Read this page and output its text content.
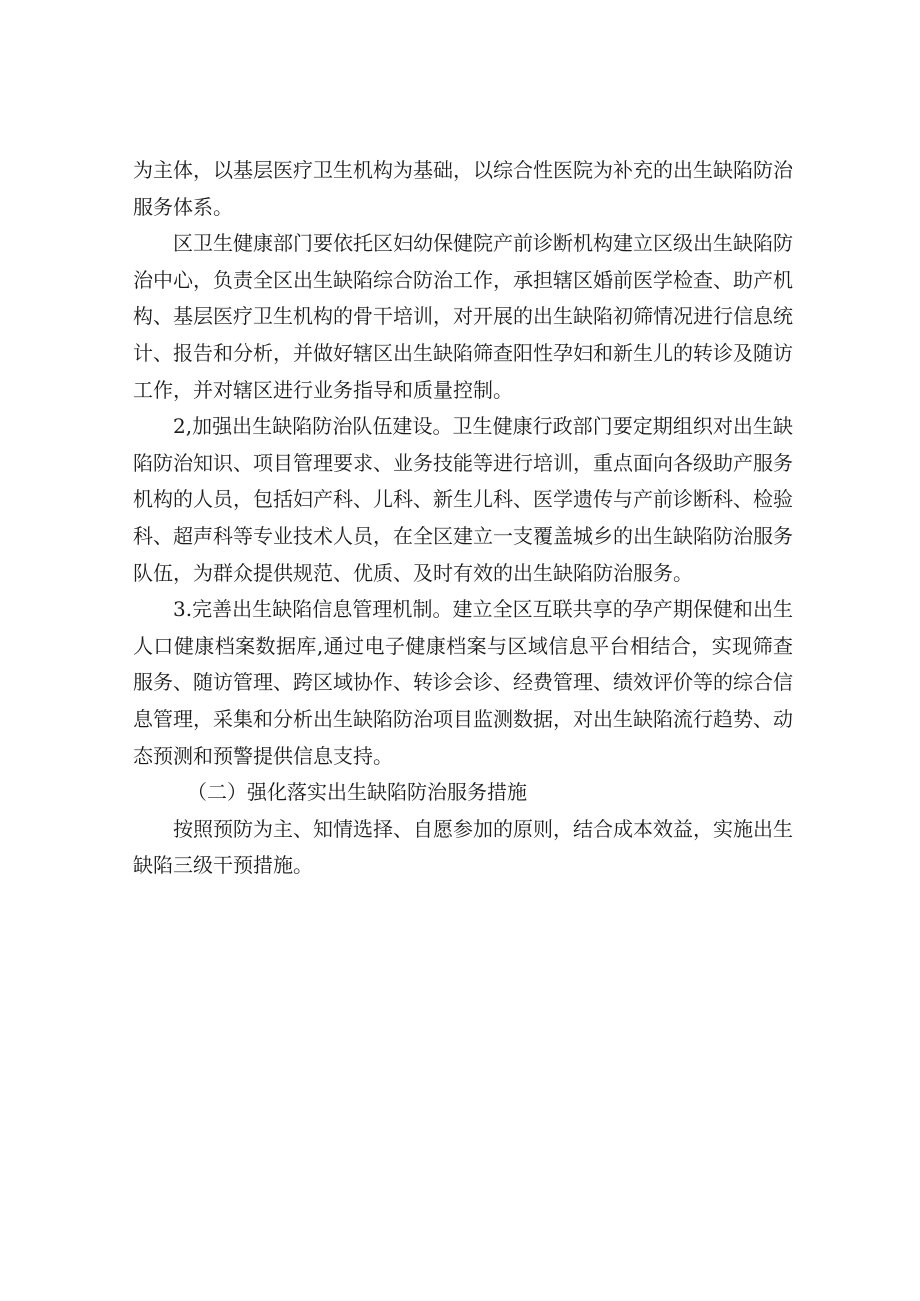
为主体，以基层医疗卫生机构为基础，以综合性医院为补充的出生缺陷防治服务体系。

区卫生健康部门要依托区妇幼保健院产前诊断机构建立区级出生缺陷防治中心，负责全区出生缺陷综合防治工作，承担辖区婚前医学检查、助产机构、基层医疗卫生机构的骨干培训，对开展的出生缺陷初筛情况进行信息统计、报告和分析，并做好辖区出生缺陷筛查阳性孕妇和新生儿的转诊及随访工作，并对辖区进行业务指导和质量控制。

2,加强出生缺陷防治队伍建设。卫生健康行政部门要定期组织对出生缺陷防治知识、项目管理要求、业务技能等进行培训，重点面向各级助产服务机构的人员，包括妇产科、儿科、新生儿科、医学遗传与产前诊断科、检验科、超声科等专业技术人员，在全区建立一支覆盖城乡的出生缺陷防治服务队伍，为群众提供规范、优质、及时有效的出生缺陷防治服务。

3.完善出生缺陷信息管理机制。建立全区互联共享的孕产期保健和出生人口健康档案数据库,通过电子健康档案与区域信息平台相结合，实现筛查服务、随访管理、跨区域协作、转诊会诊、经费管理、绩效评价等的综合信息管理，采集和分析出生缺陷防治项目监测数据，对出生缺陷流行趋势、动态预测和预警提供信息支持。

（二）强化落实出生缺陷防治服务措施

按照预防为主、知情选择、自愿参加的原则，结合成本效益，实施出生缺陷三级干预措施。
